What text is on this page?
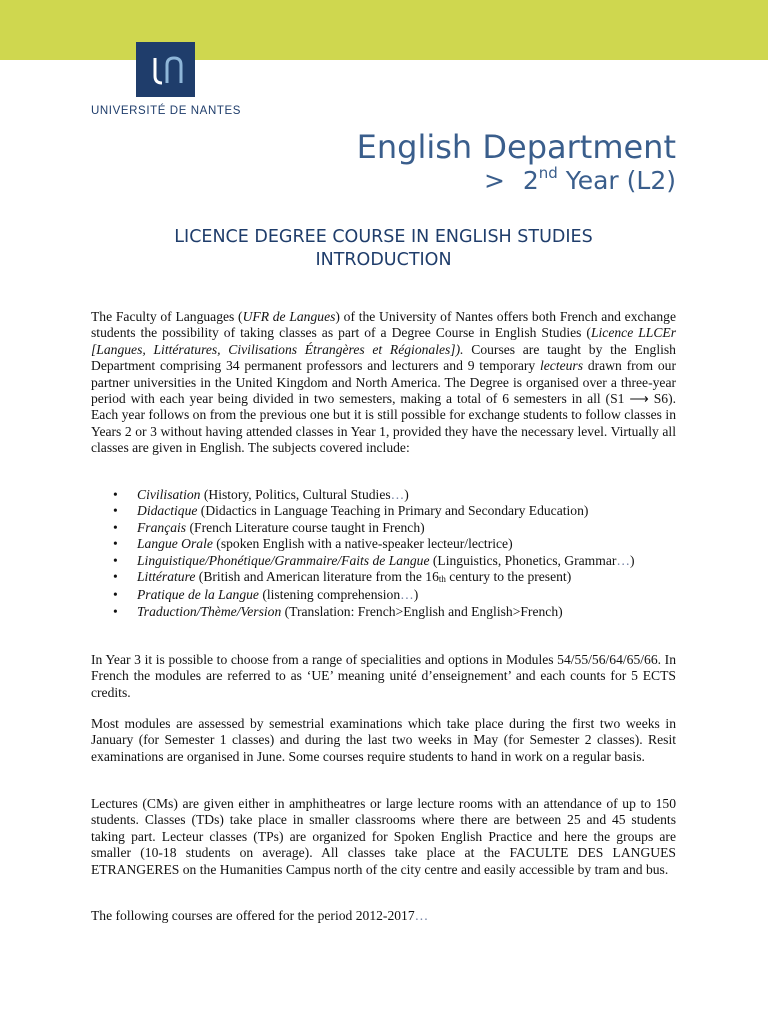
UNIVERSITÉ DE NANTES
English Department
> 2nd Year (L2)
LICENCE DEGREE COURSE IN ENGLISH STUDIES
INTRODUCTION
The Faculty of Languages (UFR de Langues) of the University of Nantes offers both French and exchange students the possibility of taking classes as part of a Degree Course in English Studies (Licence LLCEr [Langues, Littératures, Civilisations Étrangères et Régionales]). Courses are taught by the English Department comprising 34 permanent professors and lecturers and 9 temporary lecteurs drawn from our partner universities in the United Kingdom and North America. The Degree is organised over a three-year period with each year being divided in two semesters, making a total of 6 semesters in all (S1 ⟶ S6). Each year follows on from the previous one but it is still possible for exchange students to follow classes in Years 2 or 3 without having attended classes in Year 1, provided they have the necessary level. Virtually all classes are given in English. The subjects covered include:
• Civilisation (History, Politics, Cultural Studies…)
• Didactique (Didactics in Language Teaching in Primary and Secondary Education)
• Français (French Literature course taught in French)
• Langue Orale (spoken English with a native-speaker lecteur/lectrice)
• Linguistique/Phonétique/Grammaire/Faits de Langue (Linguistics, Phonetics, Grammar…)
• Littérature (British and American literature from the $16_{th}$ century to the present)
• Pratique de la Langue (listening comprehension…)
• Traduction/Thème/Version (Translation: French>English and English>French)
In Year 3 it is possible to choose from a range of specialities and options in Modules 54/55/56/64/65/66. In French the modules are referred to as ‘UE’ meaning unité d’enseignement’ and each counts for 5 ECTS credits.
Most modules are assessed by semestrial examinations which take place during the first two weeks in January (for Semester 1 classes) and during the last two weeks in May (for Semester 2 classes). Resit examinations are organised in June. Some courses require students to hand in work on a regular basis.
Lectures (CMs) are given either in amphitheatres or large lecture rooms with an attendance of up to 150 students. Classes (TDs) take place in smaller classrooms where there are between 25 and 45 students taking part. Lecteur classes (TPs) are organized for Spoken English Practice and here the groups are smaller (10-18 students on average). All classes take place at the FACULTE DES LANGUES ETRANGERES on the Humanities Campus north of the city centre and easily accessible by tram and bus.
The following courses are offered for the period 2012-2017…
